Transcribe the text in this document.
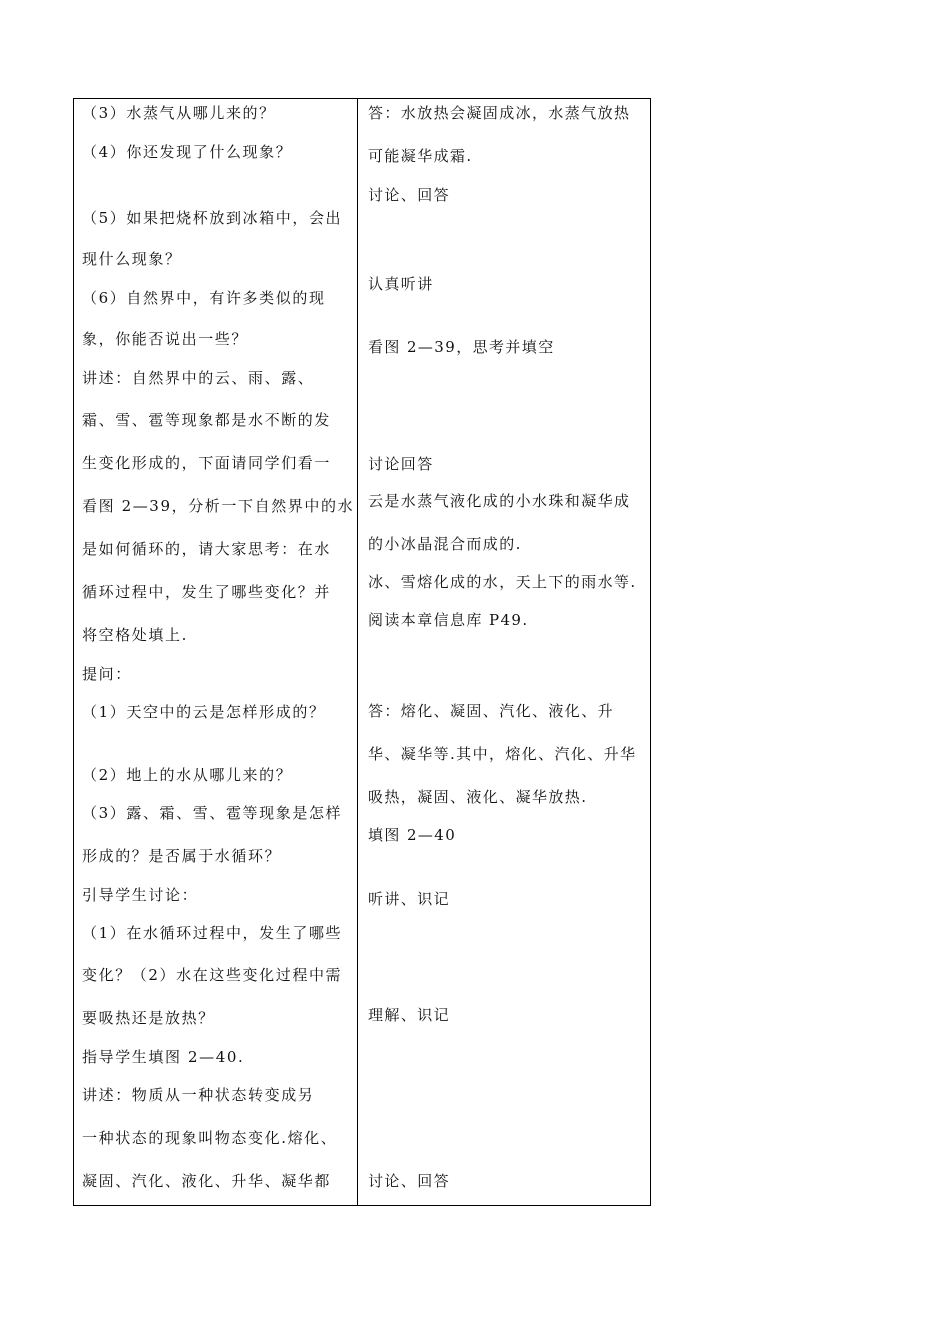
（3）水蒸气从哪儿来的？
（4）你还发现了什么现象？
（5）如果把烧杯放到冰箱中，会出
现什么现象？
（6）自然界中，有许多类似的现
象，你能否说出一些？
讲述：自然界中的云、雨、露、
霜、雪、雹等现象都是水不断的发
生变化形成的，下面请同学们看一
看图 2—39，分析一下自然界中的水
是如何循环的，请大家思考：在水
循环过程中，发生了哪些变化？并
将空格处填上.
提问：
（1）天空中的云是怎样形成的？
（2）地上的水从哪儿来的？
（3）露、霜、雪、雹等现象是怎样
形成的？是否属于水循环？
引导学生讨论：
（1）在水循环过程中，发生了哪些
变化？（2）水在这些变化过程中需
要吸热还是放热？
指导学生填图 2—40.
讲述：物质从一种状态转变成另
一种状态的现象叫物态变化.熔化、
凝固、汽化、液化、升华、凝华都
答：水放热会凝固成冰，水蒸气放热
可能凝华成霜.
讨论、回答
认真听讲
看图 2—39，思考并填空
讨论回答
云是水蒸气液化成的小水珠和凝华成
的小冰晶混合而成的.
冰、雪熔化成的水，天上下的雨水等.
阅读本章信息库 P49.
答：熔化、凝固、汽化、液化、升
华、凝华等.其中，熔化、汽化、升华
吸热，凝固、液化、凝华放热.
填图 2—40
听讲、识记
理解、识记
讨论、回答
